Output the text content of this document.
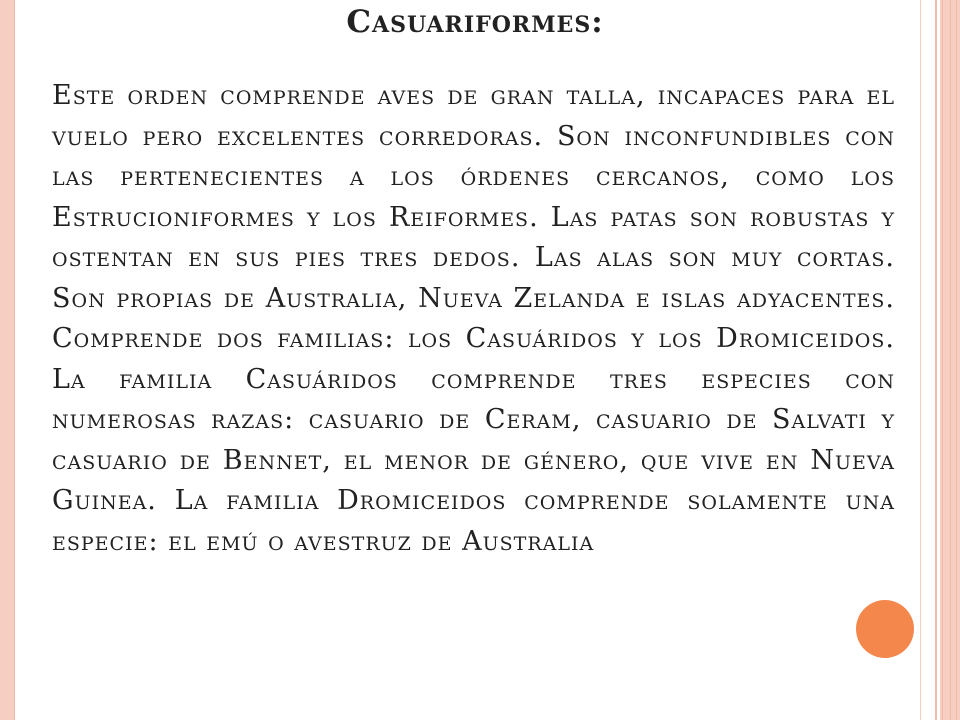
Casuariformes:

Este orden comprende aves de gran talla, incapaces para el vuelo pero excelentes corredoras. Son inconfundibles con las pertenecientes a los órdenes cercanos, como los Estrucioniformes y los Reiformes. Las patas son robustas y ostentan en sus pies tres dedos. Las alas son muy cortas. Son propias de Australia, Nueva Zelanda e islas adyacentes. Comprende dos familias: los Casuáridos y los Dromiceidos. La familia Casuáridos comprende tres especies con numerosas razas: casuario de Ceram, casuario de Salvati y casuario de Bennet, el menor de género, que vive en Nueva Guinea. La familia Dromiceidos comprende solamente una especie: el emú o avestruz de Australia
